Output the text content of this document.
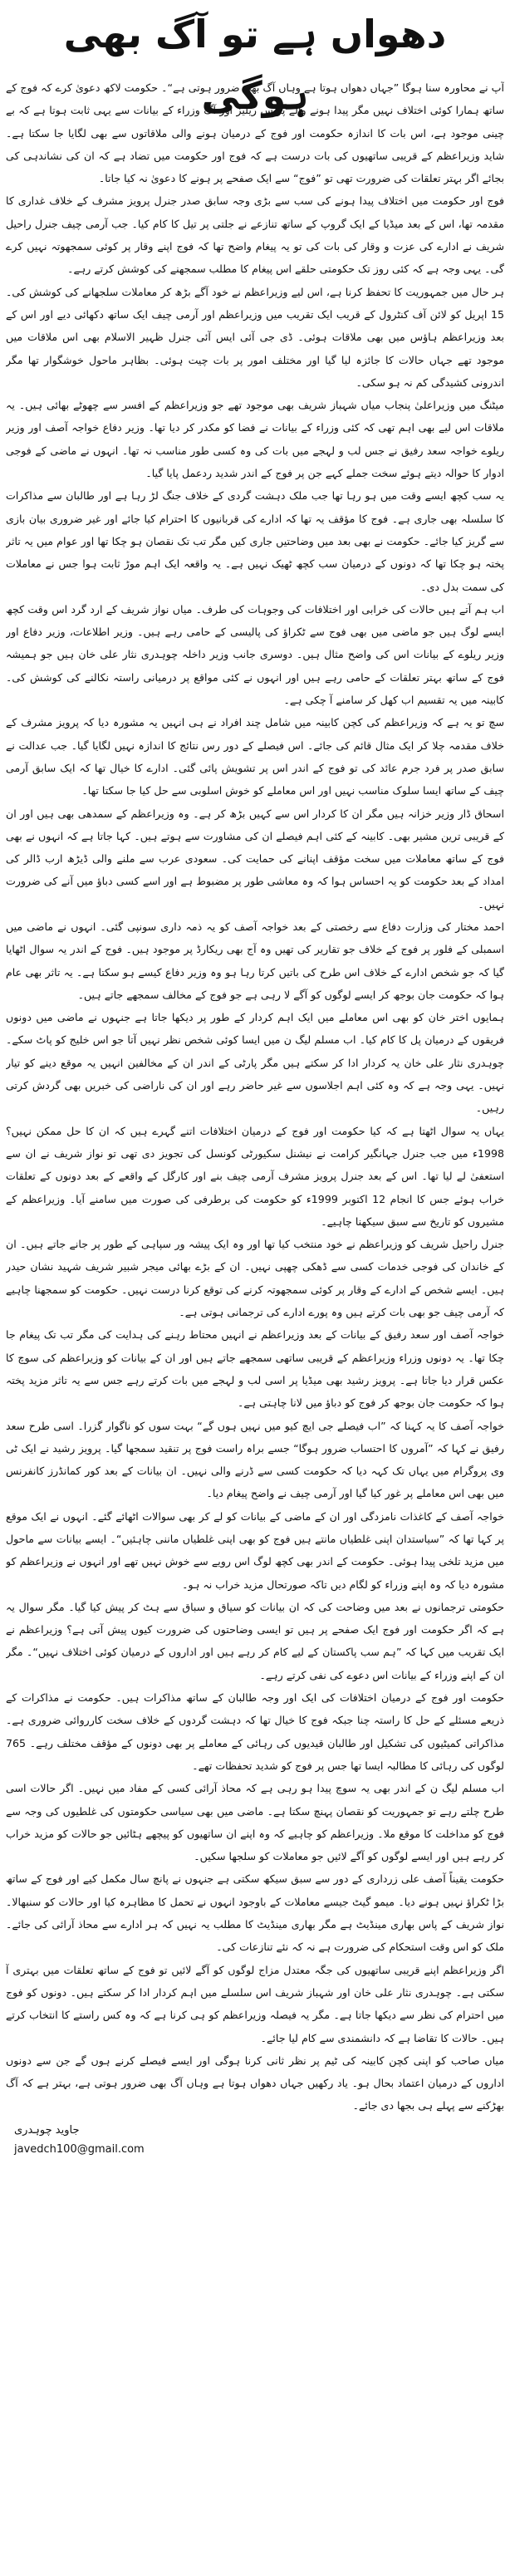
دھواں ہے تو آگ بھی ہوگی

آپ نے محاورہ سنا ہوگا ”جہاں دھواں ہوتا ہے وہاں آگ بھی ضرور ہوتی ہے“۔ حکومت لاکھ دعویٰ کرے کہ فوج کے ساتھ ہمارا کوئی اختلاف نہیں مگر پیدا ہونے والے پریس ریلیز اور آگ وزراء کے بیانات سے یہی ثابت ہوتا ہے کہ بے چینی موجود ہے، اس بات کا اندازہ حکومت اور فوج کے درمیان ہونے والی ملاقاتوں سے بھی لگایا جا سکتا ہے۔ شاید وزیراعظم کے قریبی ساتھیوں کی بات درست ہے کہ فوج اور حکومت میں تضاد ہے کہ ان کی نشاندہی کی بجائے اگر بہتر تعلقات کی ضرورت تھی تو ”فوج“ سے ایک صفحے پر ہونے کا دعویٰ نہ کیا جاتا۔

فوج اور حکومت میں اختلاف پیدا ہونے کی سب سے بڑی وجہ سابق صدر جنرل پرویز مشرف کے خلاف غداری کا مقدمہ تھا، اس کے بعد میڈیا کے ایک گروپ کے ساتھ تنازعے نے جلتی پر تیل کا کام کیا۔ جب آرمی چیف جنرل راحیل شریف نے ادارے کی عزت و وقار کی بات کی تو یہ پیغام واضح تھا کہ فوج اپنے وقار پر کوئی سمجھوتہ نہیں کرے گی۔ یہی وجہ ہے کہ کئی روز تک حکومتی حلقے اس پیغام کا مطلب سمجھنے کی کوشش کرتے رہے۔

ہر حال میں جمہوریت کا تحفظ کرنا ہے، اس لیے وزیراعظم نے خود آگے بڑھ کر معاملات سلجھانے کی کوشش کی۔ 15 اپریل کو لائن آف کنٹرول کے قریب ایک تقریب میں وزیراعظم اور آرمی چیف ایک ساتھ دکھائی دیے اور اس کے بعد وزیراعظم ہاؤس میں بھی ملاقات ہوئی۔ ڈی جی آئی ایس آئی جنرل ظہیر الاسلام بھی اس ملاقات میں موجود تھے جہاں حالات کا جائزہ لیا گیا اور مختلف امور پر بات چیت ہوئی۔ بظاہر ماحول خوشگوار تھا مگر اندرونی کشیدگی کم نہ ہو سکی۔

میٹنگ میں وزیراعلیٰ پنجاب میاں شہباز شریف بھی موجود تھے جو وزیراعظم کے افسر سے چھوٹے بھائی ہیں۔ یہ ملاقات اس لیے بھی اہم تھی کہ کئی وزراء کے بیانات نے فضا کو مکدر کر دیا تھا۔ وزیر دفاع خواجہ آصف اور وزیر ریلوے خواجہ سعد رفیق نے جس لب و لہجے میں بات کی وہ کسی طور مناسب نہ تھا۔ انہوں نے ماضی کے فوجی ادوار کا حوالہ دیتے ہوئے سخت جملے کہے جن پر فوج کے اندر شدید ردعمل پایا گیا۔

یہ سب کچھ ایسے وقت میں ہو رہا تھا جب ملک دہشت گردی کے خلاف جنگ لڑ رہا ہے اور طالبان سے مذاکرات کا سلسلہ بھی جاری ہے۔ فوج کا مؤقف یہ تھا کہ ادارے کی قربانیوں کا احترام کیا جائے اور غیر ضروری بیان بازی سے گریز کیا جائے۔ حکومت نے بھی بعد میں وضاحتیں جاری کیں مگر تب تک نقصان ہو چکا تھا اور عوام میں یہ تاثر پختہ ہو چکا تھا کہ دونوں کے درمیان سب کچھ ٹھیک نہیں ہے۔ یہ واقعہ ایک اہم موڑ ثابت ہوا جس نے معاملات کی سمت بدل دی۔

اب ہم آتے ہیں حالات کی خرابی اور اختلافات کی وجوہات کی طرف۔ میاں نواز شریف کے ارد گرد اس وقت کچھ ایسے لوگ ہیں جو ماضی میں بھی فوج سے ٹکراؤ کی پالیسی کے حامی رہے ہیں۔ وزیر اطلاعات، وزیر دفاع اور وزیر ریلوے کے بیانات اس کی واضح مثال ہیں۔ دوسری جانب وزیر داخلہ چوہدری نثار علی خان ہیں جو ہمیشہ فوج کے ساتھ بہتر تعلقات کے حامی رہے ہیں اور انہوں نے کئی مواقع پر درمیانی راستہ نکالنے کی کوشش کی۔ کابینہ میں یہ تقسیم اب کھل کر سامنے آ چکی ہے۔

سچ تو یہ ہے کہ وزیراعظم کی کچن کابینہ میں شامل چند افراد نے ہی انہیں یہ مشورہ دیا کہ پرویز مشرف کے خلاف مقدمہ چلا کر ایک مثال قائم کی جائے۔ اس فیصلے کے دور رس نتائج کا اندازہ نہیں لگایا گیا۔ جب عدالت نے سابق صدر پر فرد جرم عائد کی تو فوج کے اندر اس پر تشویش پائی گئی۔ ادارے کا خیال تھا کہ ایک سابق آرمی چیف کے ساتھ ایسا سلوک مناسب نہیں اور اس معاملے کو خوش اسلوبی سے حل کیا جا سکتا تھا۔

اسحاق ڈار وزیر خزانہ ہیں مگر ان کا کردار اس سے کہیں بڑھ کر ہے۔ وہ وزیراعظم کے سمدھی بھی ہیں اور ان کے قریبی ترین مشیر بھی۔ کابینہ کے کئی اہم فیصلے ان کی مشاورت سے ہوتے ہیں۔ کہا جاتا ہے کہ انہوں نے بھی فوج کے ساتھ معاملات میں سخت مؤقف اپنانے کی حمایت کی۔ سعودی عرب سے ملنے والی ڈیڑھ ارب ڈالر کی امداد کے بعد حکومت کو یہ احساس ہوا کہ وہ معاشی طور پر مضبوط ہے اور اسے کسی دباؤ میں آنے کی ضرورت نہیں۔

احمد مختار کی وزارت دفاع سے رخصتی کے بعد خواجہ آصف کو یہ ذمہ داری سونپی گئی۔ انہوں نے ماضی میں اسمبلی کے فلور پر فوج کے خلاف جو تقاریر کی تھیں وہ آج بھی ریکارڈ پر موجود ہیں۔ فوج کے اندر یہ سوال اٹھایا گیا کہ جو شخص ادارے کے خلاف اس طرح کی باتیں کرتا رہا ہو وہ وزیر دفاع کیسے ہو سکتا ہے۔ یہ تاثر بھی عام ہوا کہ حکومت جان بوجھ کر ایسے لوگوں کو آگے لا رہی ہے جو فوج کے مخالف سمجھے جاتے ہیں۔

ہمایوں اختر خان کو بھی اس معاملے میں ایک اہم کردار کے طور پر دیکھا جاتا ہے جنہوں نے ماضی میں دونوں فریقوں کے درمیان پل کا کام کیا۔ اب مسلم لیگ ن میں ایسا کوئی شخص نظر نہیں آتا جو اس خلیج کو پاٹ سکے۔ چوہدری نثار علی خان یہ کردار ادا کر سکتے ہیں مگر پارٹی کے اندر ان کے مخالفین انہیں یہ موقع دینے کو تیار نہیں۔ یہی وجہ ہے کہ وہ کئی اہم اجلاسوں سے غیر حاضر رہے اور ان کی ناراضی کی خبریں بھی گردش کرتی رہیں۔

یہاں یہ سوال اٹھتا ہے کہ کیا حکومت اور فوج کے درمیان اختلافات اتنے گہرے ہیں کہ ان کا حل ممکن نہیں؟ 1998ء میں جب جنرل جہانگیر کرامت نے نیشنل سکیورٹی کونسل کی تجویز دی تھی تو نواز شریف نے ان سے استعفیٰ لے لیا تھا۔ اس کے بعد جنرل پرویز مشرف آرمی چیف بنے اور کارگل کے واقعے کے بعد دونوں کے تعلقات خراب ہوئے جس کا انجام 12 اکتوبر 1999ء کو حکومت کی برطرفی کی صورت میں سامنے آیا۔ وزیراعظم کے مشیروں کو تاریخ سے سبق سیکھنا چاہیے۔

جنرل راحیل شریف کو وزیراعظم نے خود منتخب کیا تھا اور وہ ایک پیشہ ور سپاہی کے طور پر جانے جاتے ہیں۔ ان کے خاندان کی فوجی خدمات کسی سے ڈھکی چھپی نہیں۔ ان کے بڑے بھائی میجر شبیر شریف شہید نشان حیدر ہیں۔ ایسے شخص کے ادارے کے وقار پر کوئی سمجھوتہ کرنے کی توقع کرنا درست نہیں۔ حکومت کو سمجھنا چاہیے کہ آرمی چیف جو بھی بات کرتے ہیں وہ پورے ادارے کی ترجمانی ہوتی ہے۔

خواجہ آصف اور سعد رفیق کے بیانات کے بعد وزیراعظم نے انہیں محتاط رہنے کی ہدایت کی مگر تب تک پیغام جا چکا تھا۔ یہ دونوں وزراء وزیراعظم کے قریبی ساتھی سمجھے جاتے ہیں اور ان کے بیانات کو وزیراعظم کی سوچ کا عکس قرار دیا جاتا ہے۔ پرویز رشید بھی میڈیا پر اسی لب و لہجے میں بات کرتے رہے جس سے یہ تاثر مزید پختہ ہوا کہ حکومت جان بوجھ کر فوج کو دباؤ میں لانا چاہتی ہے۔

خواجہ آصف کا یہ کہنا کہ ”اب فیصلے جی ایچ کیو میں نہیں ہوں گے“ بہت سوں کو ناگوار گزرا۔ اسی طرح سعد رفیق نے کہا کہ ”آمروں کا احتساب ضرور ہوگا“ جسے براہ راست فوج پر تنقید سمجھا گیا۔ پرویز رشید نے ایک ٹی وی پروگرام میں یہاں تک کہہ دیا کہ حکومت کسی سے ڈرنے والی نہیں۔ ان بیانات کے بعد کور کمانڈرز کانفرنس میں بھی اس معاملے پر غور کیا گیا اور آرمی چیف نے واضح پیغام دیا۔

خواجہ آصف کے کاغذات نامزدگی اور ان کے ماضی کے بیانات کو لے کر بھی سوالات اٹھائے گئے۔ انہوں نے ایک موقع پر کہا تھا کہ ”سیاستدان اپنی غلطیاں مانتے ہیں فوج کو بھی اپنی غلطیاں ماننی چاہئیں“۔ ایسے بیانات سے ماحول میں مزید تلخی پیدا ہوئی۔ حکومت کے اندر بھی کچھ لوگ اس رویے سے خوش نہیں تھے اور انہوں نے وزیراعظم کو مشورہ دیا کہ وہ اپنے وزراء کو لگام دیں تاکہ صورتحال مزید خراب نہ ہو۔

حکومتی ترجمانوں نے بعد میں وضاحت کی کہ ان بیانات کو سیاق و سباق سے ہٹ کر پیش کیا گیا۔ مگر سوال یہ ہے کہ اگر حکومت اور فوج ایک صفحے پر ہیں تو ایسی وضاحتوں کی ضرورت کیوں پیش آتی ہے؟ وزیراعظم نے ایک تقریب میں کہا کہ ”ہم سب پاکستان کے لیے کام کر رہے ہیں اور اداروں کے درمیان کوئی اختلاف نہیں“۔ مگر ان کے اپنے وزراء کے بیانات اس دعوے کی نفی کرتے رہے۔

حکومت اور فوج کے درمیان اختلافات کی ایک اور وجہ طالبان کے ساتھ مذاکرات ہیں۔ حکومت نے مذاکرات کے ذریعے مسئلے کے حل کا راستہ چنا جبکہ فوج کا خیال تھا کہ دہشت گردوں کے خلاف سخت کارروائی ضروری ہے۔ مذاکراتی کمیٹیوں کی تشکیل اور طالبان قیدیوں کی رہائی کے معاملے پر بھی دونوں کے مؤقف مختلف رہے۔ 765 لوگوں کی رہائی کا مطالبہ ایسا تھا جس پر فوج کو شدید تحفظات تھے۔

اب مسلم لیگ ن کے اندر بھی یہ سوچ پیدا ہو رہی ہے کہ محاذ آرائی کسی کے مفاد میں نہیں۔ اگر حالات اسی طرح چلتے رہے تو جمہوریت کو نقصان پہنچ سکتا ہے۔ ماضی میں بھی سیاسی حکومتوں کی غلطیوں کی وجہ سے فوج کو مداخلت کا موقع ملا۔ وزیراعظم کو چاہیے کہ وہ اپنے ان ساتھیوں کو پیچھے ہٹائیں جو حالات کو مزید خراب کر رہے ہیں اور ایسے لوگوں کو آگے لائیں جو معاملات کو سلجھا سکیں۔

حکومت یقیناً آصف علی زرداری کے دور سے سبق سیکھ سکتی ہے جنہوں نے پانچ سال مکمل کیے اور فوج کے ساتھ بڑا ٹکراؤ نہیں ہونے دیا۔ میمو گیٹ جیسے معاملات کے باوجود انہوں نے تحمل کا مظاہرہ کیا اور حالات کو سنبھالا۔ نواز شریف کے پاس بھاری مینڈیٹ ہے مگر بھاری مینڈیٹ کا مطلب یہ نہیں کہ ہر ادارے سے محاذ آرائی کی جائے۔ ملک کو اس وقت استحکام کی ضرورت ہے نہ کہ نئے تنازعات کی۔

اگر وزیراعظم اپنے قریبی ساتھیوں کی جگہ معتدل مزاج لوگوں کو آگے لائیں تو فوج کے ساتھ تعلقات میں بہتری آ سکتی ہے۔ چوہدری نثار علی خان اور شہباز شریف اس سلسلے میں اہم کردار ادا کر سکتے ہیں۔ دونوں کو فوج میں احترام کی نظر سے دیکھا جاتا ہے۔ مگر یہ فیصلہ وزیراعظم کو ہی کرنا ہے کہ وہ کس راستے کا انتخاب کرتے ہیں۔ حالات کا تقاضا ہے کہ دانشمندی سے کام لیا جائے۔

میاں صاحب کو اپنی کچن کابینہ کی ٹیم پر نظر ثانی کرنا ہوگی اور ایسے فیصلے کرنے ہوں گے جن سے دونوں اداروں کے درمیان اعتماد بحال ہو۔ یاد رکھیں جہاں دھواں ہوتا ہے وہاں آگ بھی ضرور ہوتی ہے، بہتر ہے کہ آگ بھڑکنے سے پہلے ہی بجھا دی جائے۔

جاوید چوہدری
javedch100@gmail.com
